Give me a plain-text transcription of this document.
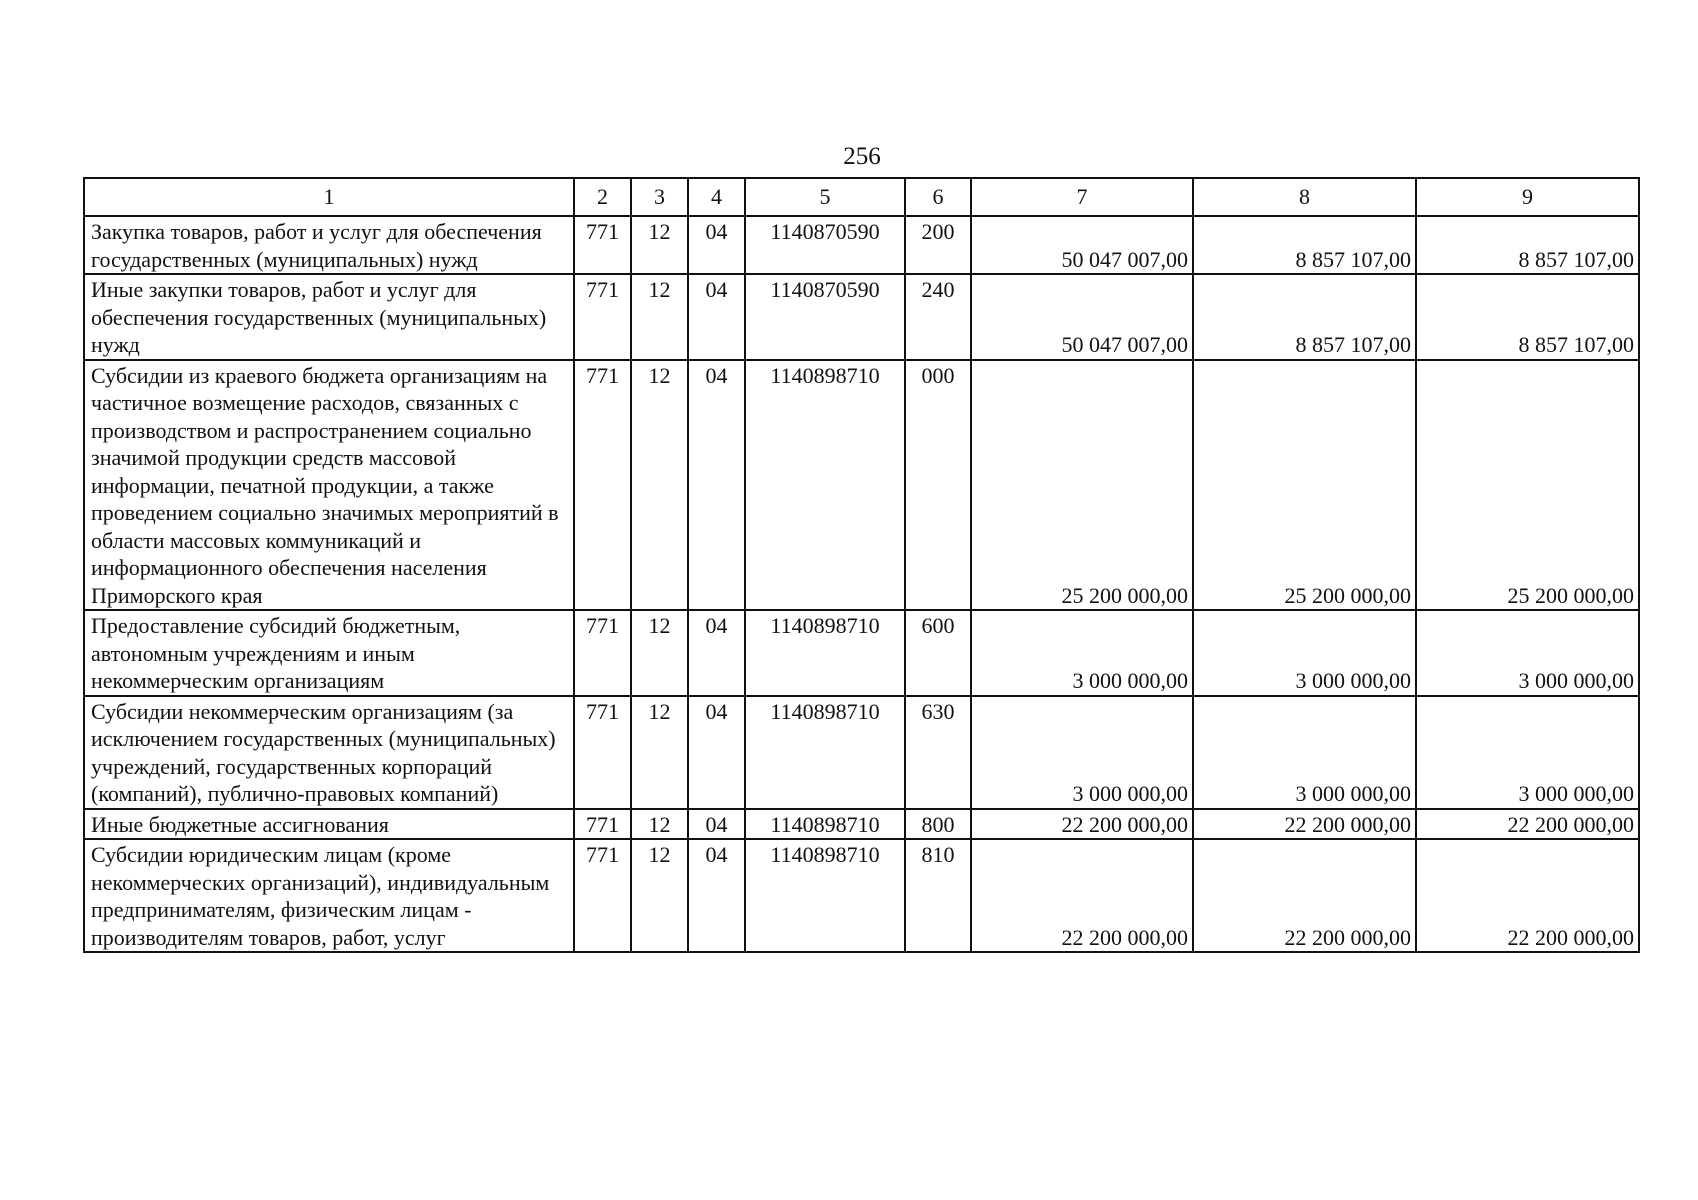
256
1	2	3	4	5	6	7	8	9
Закупка товаров, работ и услуг для обеспечения государственных (муниципальных) нужд	771	12	04	1140870590	200	50 047 007,00	8 857 107,00	8 857 107,00
Иные закупки товаров, работ и услуг для обеспечения государственных (муниципальных) нужд	771	12	04	1140870590	240	50 047 007,00	8 857 107,00	8 857 107,00
Субсидии из краевого бюджета организациям на частичное возмещение расходов, связанных с производством и распространением социально значимой продукции средств массовой информации, печатной продукции, а также проведением социально значимых мероприятий в области массовых коммуникаций и информационного обеспечения населения Приморского края	771	12	04	1140898710	000	25 200 000,00	25 200 000,00	25 200 000,00
Предоставление субсидий бюджетным, автономным учреждениям и иным некоммерческим организациям	771	12	04	1140898710	600	3 000 000,00	3 000 000,00	3 000 000,00
Субсидии некоммерческим организациям (за исключением государственных (муниципальных) учреждений, государственных корпораций (компаний), публично-правовых компаний)	771	12	04	1140898710	630	3 000 000,00	3 000 000,00	3 000 000,00
Иные бюджетные ассигнования	771	12	04	1140898710	800	22 200 000,00	22 200 000,00	22 200 000,00
Субсидии юридическим лицам (кроме некоммерческих организаций), индивидуальным предпринимателям, физическим лицам - производителям товаров, работ, услуг	771	12	04	1140898710	810	22 200 000,00	22 200 000,00	22 200 000,00
